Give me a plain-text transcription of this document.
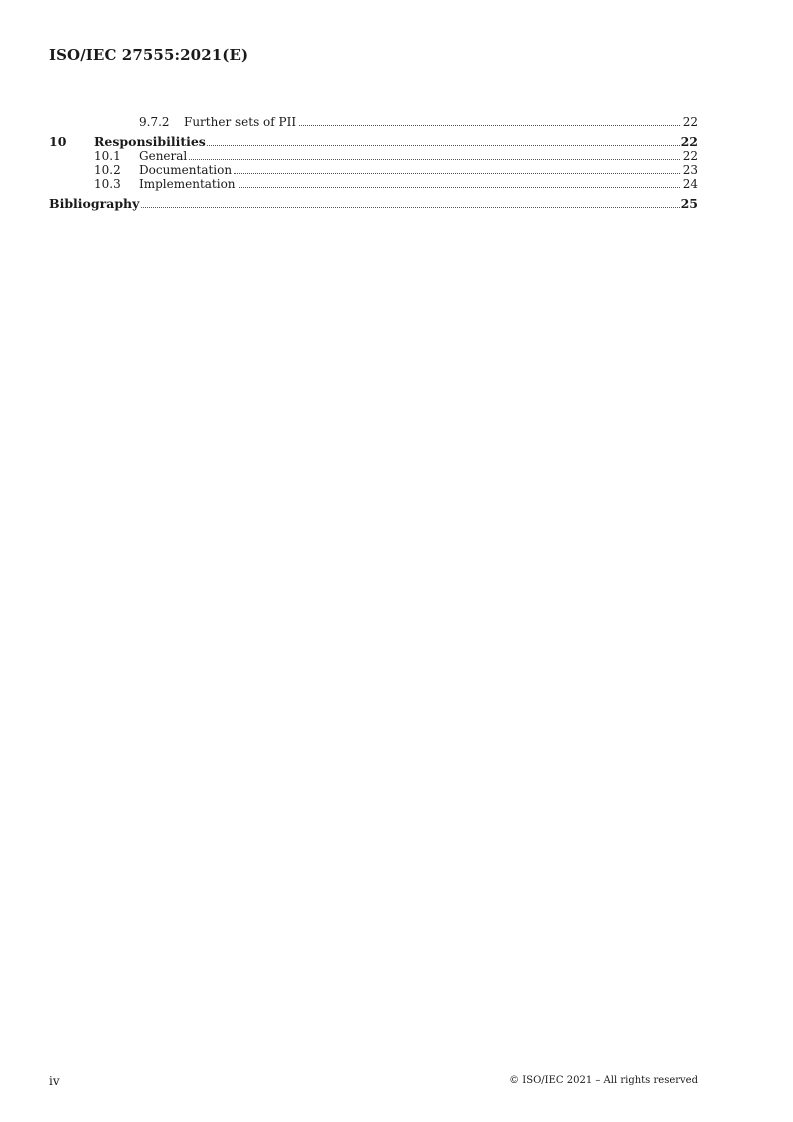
ISO/IEC 27555:2021(E)
9.7.2 Further sets of PII	22
10 Responsibilities	22
10.1 General	22
10.2 Documentation	23
10.3 Implementation	24
Bibliography	25
iv	© ISO/IEC 2021 – All rights reserved
